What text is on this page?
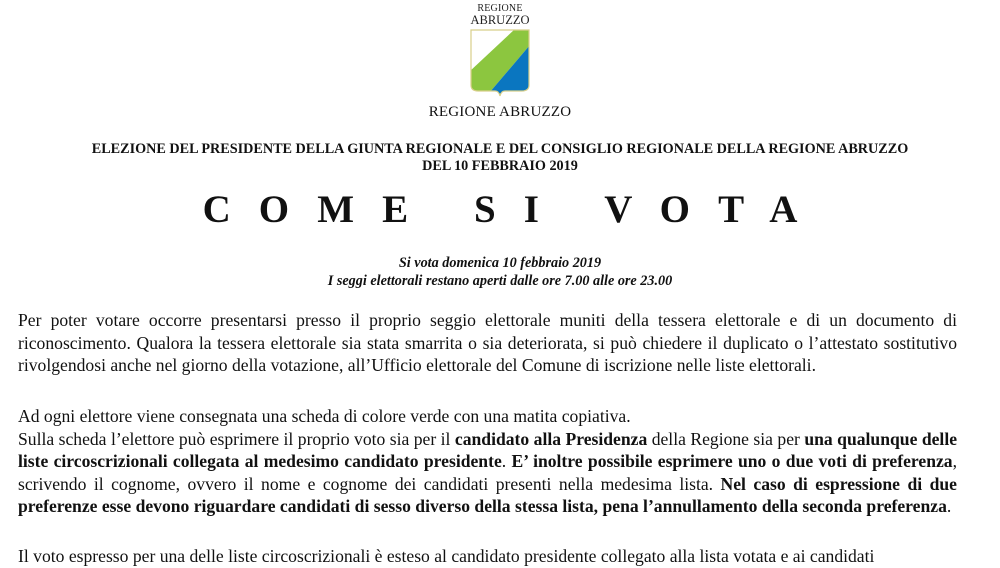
REGIONE
ABRUZZO
REGIONE ABRUZZO
ELEZIONE DEL PRESIDENTE DELLA GIUNTA REGIONALE E DEL CONSIGLIO REGIONALE DELLA REGIONE ABRUZZO
DEL 10 FEBBRAIO 2019
COME SI VOTA
Si vota domenica 10 febbraio 2019
I seggi elettorali restano aperti dalle ore 7.00 alle ore 23.00

Per poter votare occorre presentarsi presso il proprio seggio elettorale muniti della tessera elettorale e di un documento di riconoscimento. Qualora la tessera elettorale sia stata smarrita o sia deteriorata, si può chiedere il duplicato o l’attestato sostitutivo rivolgendosi anche nel giorno della votazione, all’Ufficio elettorale del Comune di iscrizione nelle liste elettorali.

Ad ogni elettore viene consegnata una scheda di colore verde con una matita copiativa.

Sulla scheda l’elettore può esprimere il proprio voto sia per il candidato alla Presidenza della Regione sia per una qualunque delle liste circoscrizionali collegata al medesimo candidato presidente. E’ inoltre possibile esprimere uno o due voti di preferenza, scrivendo il cognome, ovvero il nome e cognome dei candidati presenti nella medesima lista. Nel caso di espressione di due preferenze esse devono riguardare candidati di sesso diverso della stessa lista, pena l’annullamento della seconda preferenza.

Il voto espresso per una delle liste circoscrizionali è esteso al candidato presidente collegato alla lista votata e ai candidati
